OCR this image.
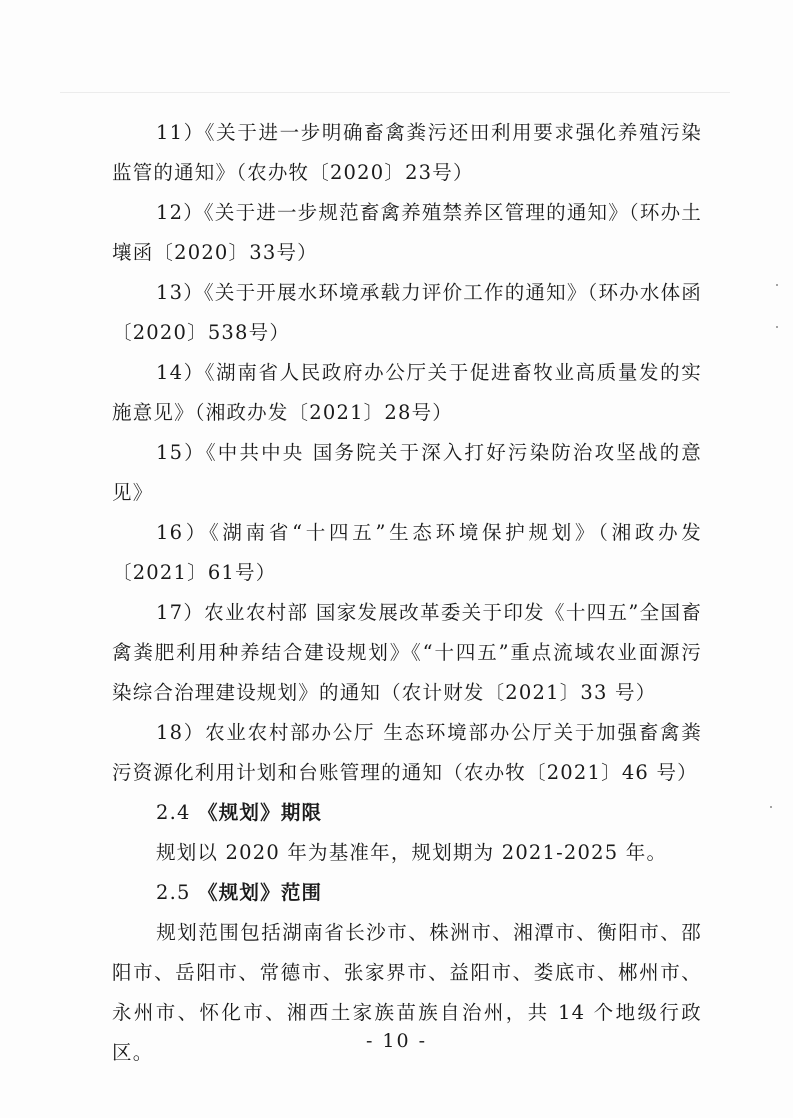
11）《关于进一步明确畜禽粪污还田利用要求强化养殖污染监管的通知》（农办牧〔2020〕23号）

12）《关于进一步规范畜禽养殖禁养区管理的通知》（环办土壤函〔2020〕33号）

13）《关于开展水环境承载力评价工作的通知》（环办水体函〔2020〕538号）

14）《湖南省人民政府办公厅关于促进畜牧业高质量发的实施意见》（湘政办发〔2021〕28号）

15）《中共中央 国务院关于深入打好污染防治攻坚战的意见》

16）《湖南省“十四五”生态环境保护规划》（湘政办发〔2021〕61号）

17）农业农村部 国家发展改革委关于印发《十四五”全国畜禽粪肥利用种养结合建设规划》《“十四五”重点流域农业面源污染综合治理建设规划》的通知（农计财发〔2021〕33 号）

18）农业农村部办公厅 生态环境部办公厅关于加强畜禽粪污资源化利用计划和台账管理的通知（农办牧〔2021〕46 号）

2.4 《规划》期限

规划以 2020 年为基准年，规划期为 2021-2025 年。

2.5 《规划》范围

规划范围包括湖南省长沙市、株洲市、湘潭市、衡阳市、邵阳市、岳阳市、常德市、张家界市、益阳市、娄底市、郴州市、永州市、怀化市、湘西土家族苗族自治州，共 14 个地级行政区。	- 10 -
